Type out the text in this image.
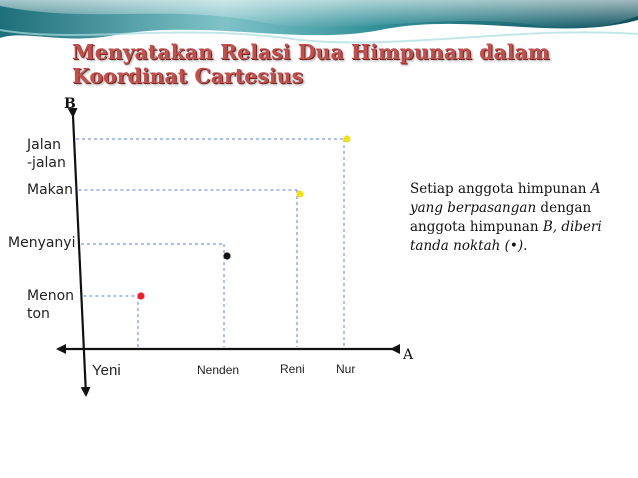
Menyatakan Relasi Dua Himpunan dalam
Koordinat Cartesius
B
A
Jalan
-jalan
Makan
Menyanyi
Menon
ton
Yeni	Nenden	Reni	Nur
Setiap anggota himpunan A yang berpasangan dengan anggota himpunan B, diberi tanda noktah (•).
